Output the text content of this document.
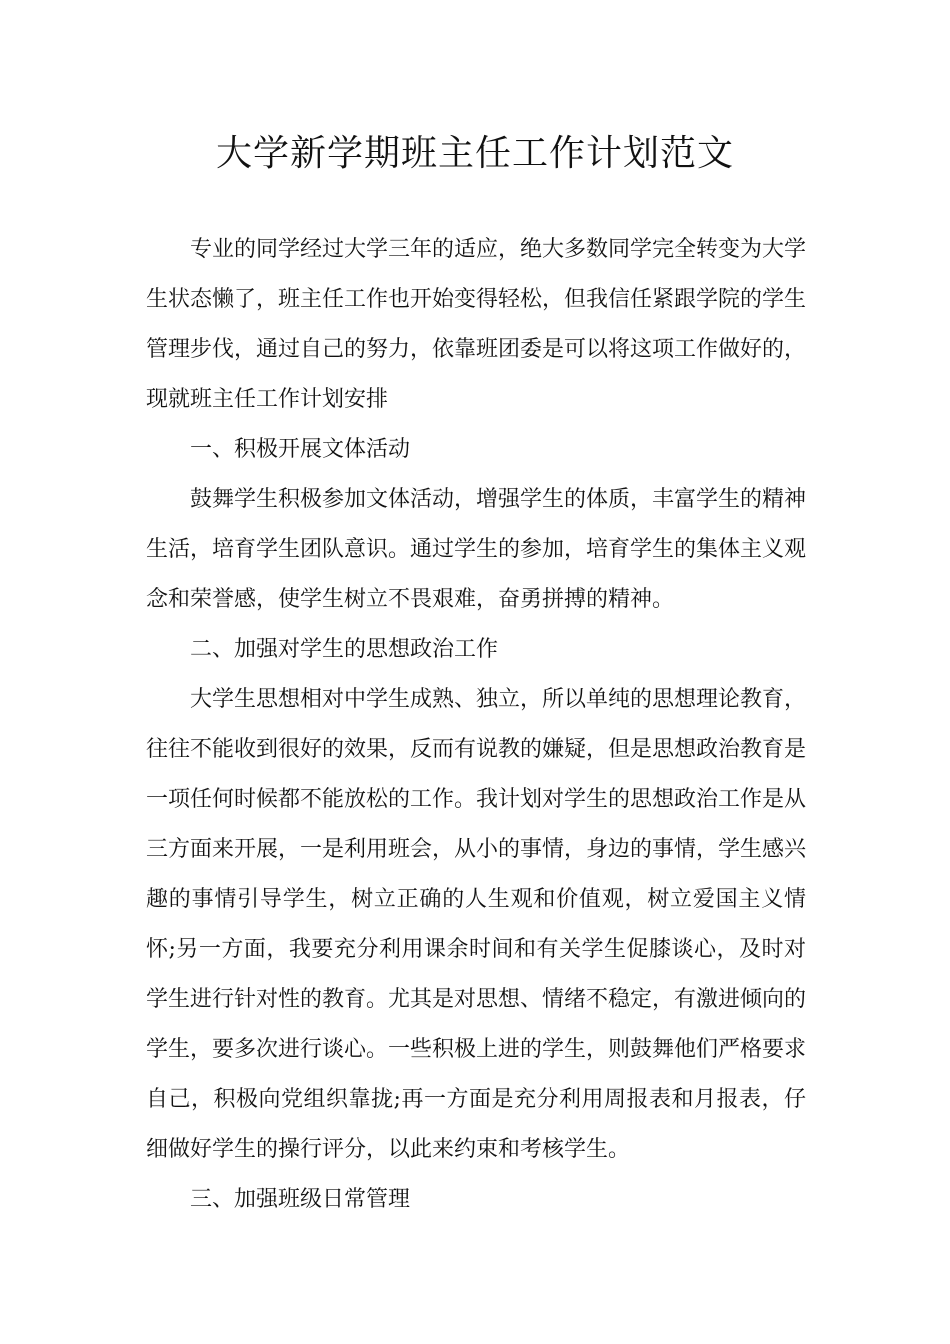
大学新学期班主任工作计划范文

专业的同学经过大学三年的适应，绝大多数同学完全转变为大学生状态懒了，班主任工作也开始变得轻松，但我信任紧跟学院的学生管理步伐，通过自己的努力，依靠班团委是可以将这项工作做好的，现就班主任工作计划安排

一、积极开展文体活动

鼓舞学生积极参加文体活动，增强学生的体质，丰富学生的精神生活，培育学生团队意识。通过学生的参加，培育学生的集体主义观念和荣誉感，使学生树立不畏艰难，奋勇拼搏的精神。

二、加强对学生的思想政治工作

大学生思想相对中学生成熟、独立，所以单纯的思想理论教育，往往不能收到很好的效果，反而有说教的嫌疑，但是思想政治教育是一项任何时候都不能放松的工作。我计划对学生的思想政治工作是从三方面来开展，一是利用班会，从小的事情，身边的事情，学生感兴趣的事情引导学生，树立正确的人生观和价值观，树立爱国主义情怀;另一方面，我要充分利用课余时间和有关学生促膝谈心，及时对学生进行针对性的教育。尤其是对思想、情绪不稳定，有激进倾向的学生，要多次进行谈心。一些积极上进的学生，则鼓舞他们严格要求自己，积极向党组织靠拢;再一方面是充分利用周报表和月报表，仔细做好学生的操行评分，以此来约束和考核学生。

三、加强班级日常管理
